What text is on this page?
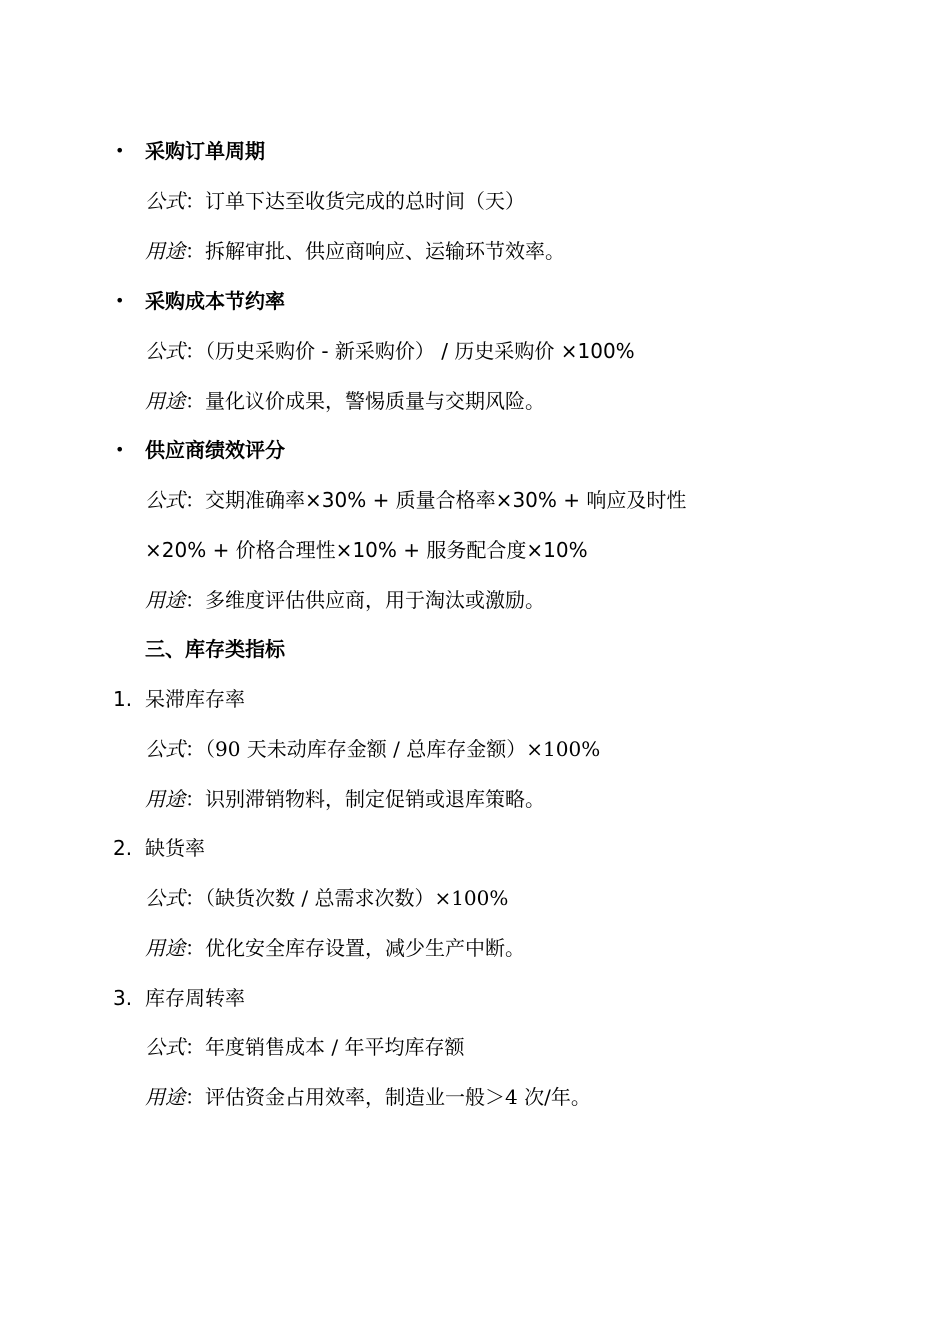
• 采购订单周期
公式：订单下达至收货完成的总时间（天）
用途：拆解审批、供应商响应、运输环节效率。
• 采购成本节约率
公式：（历史采购价 - 新采购价） / 历史采购价 ×100%
用途：量化议价成果，警惕质量与交期风险。
• 供应商绩效评分
公式：交期准确率×30% + 质量合格率×30% + 响应及时性
×20% + 价格合理性×10% + 服务配合度×10%
用途：多维度评估供应商，用于淘汰或激励。
三、库存类指标
1. 呆滞库存率
公式：（90 天未动库存金额 / 总库存金额）×100%
用途：识别滞销物料，制定促销或退库策略。
2. 缺货率
公式：（缺货次数 / 总需求次数）×100%
用途：优化安全库存设置，减少生产中断。
3. 库存周转率
公式：年度销售成本 / 年平均库存额
用途：评估资金占用效率，制造业一般＞4 次/年。
